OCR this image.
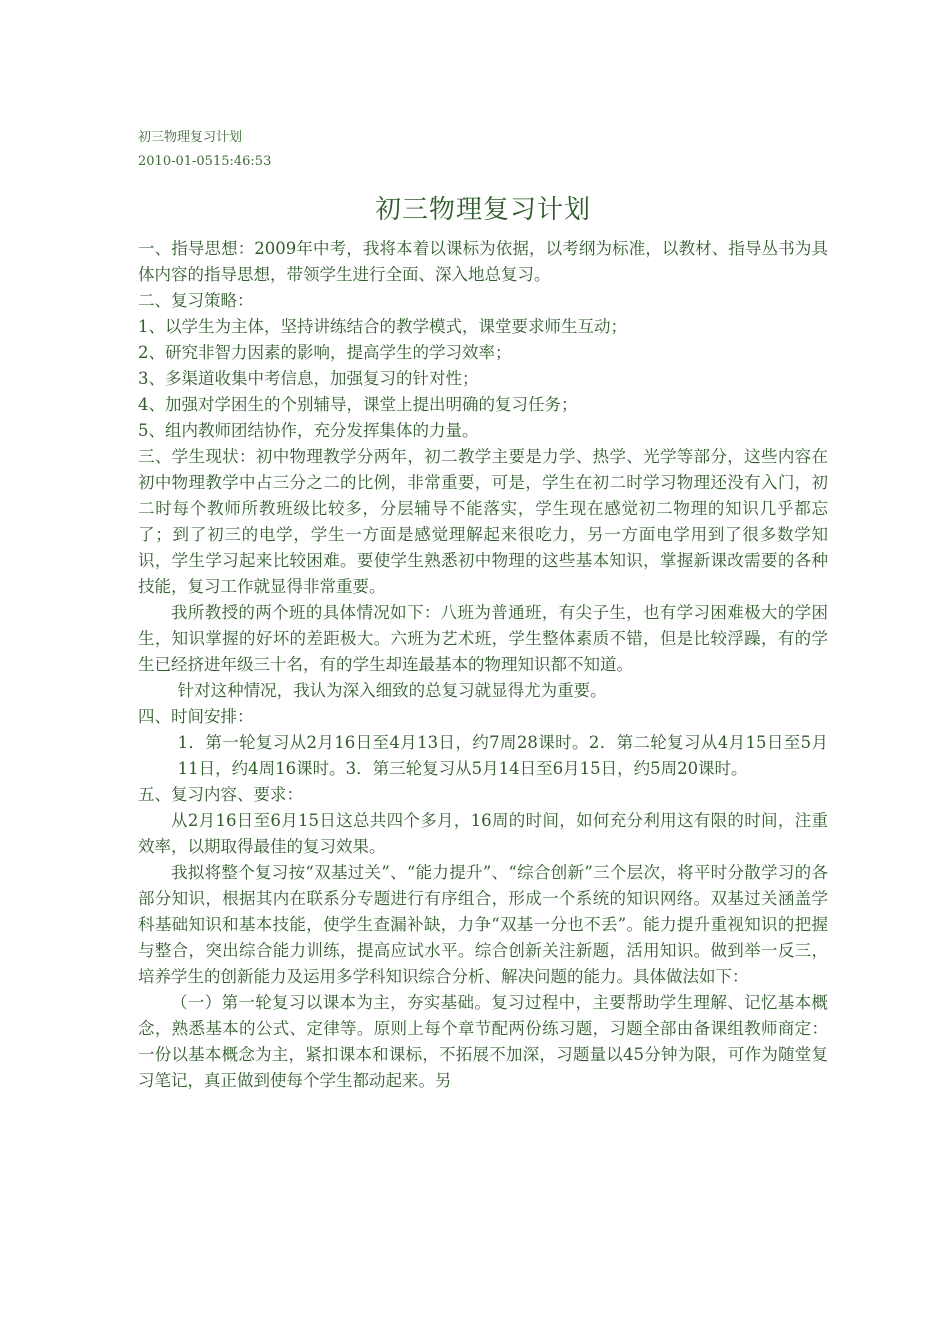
初三物理复习计划
2010-01-0515:46:53
初三物理复习计划

一、指导思想：2009年中考，我将本着以课标为依据，以考纲为标准，以教材、指导丛书为具体内容的指导思想，带领学生进行全面、深入地总复习。

二、复习策略：

1、以学生为主体，坚持讲练结合的教学模式，课堂要求师生互动；

2、研究非智力因素的影响，提高学生的学习效率；

3、多渠道收集中考信息，加强复习的针对性；

4、加强对学困生的个别辅导，课堂上提出明确的复习任务；

5、组内教师团结协作，充分发挥集体的力量。

三、学生现状：初中物理教学分两年，初二教学主要是力学、热学、光学等部分，这些内容在初中物理教学中占三分之二的比例，非常重要，可是，学生在初二时学习物理还没有入门，初二时每个教师所教班级比较多，分层辅导不能落实，学生现在感觉初二物理的知识几乎都忘了；到了初三的电学，学生一方面是感觉理解起来很吃力，另一方面电学用到了很多数学知识，学生学习起来比较困难。要使学生熟悉初中物理的这些基本知识，掌握新课改需要的各种技能，复习工作就显得非常重要。

我所教授的两个班的具体情况如下：八班为普通班，有尖子生，也有学习困难极大的学困生，知识掌握的好坏的差距极大。六班为艺术班，学生整体素质不错，但是比较浮躁，有的学生已经挤进年级三十名，有的学生却连最基本的物理知识都不知道。

针对这种情况，我认为深入细致的总复习就显得尤为重要。

四、时间安排：

1．第一轮复习从2月16日至4月13日，约7周28课时。2．第二轮复习从4月15日至5月11日，约4周16课时。3．第三轮复习从5月14日至6月15日，约5周20课时。

五、复习内容、要求：

从2月16日至6月15日这总共四个多月，16周的时间，如何充分利用这有限的时间，注重效率，以期取得最佳的复习效果。

我拟将整个复习按“双基过关”、“能力提升”、“综合创新”三个层次，将平时分散学习的各部分知识，根据其内在联系分专题进行有序组合，形成一个系统的知识网络。双基过关涵盖学科基础知识和基本技能，使学生查漏补缺，力争“双基一分也不丢”。能力提升重视知识的把握与整合，突出综合能力训练，提高应试水平。综合创新关注新题，活用知识。做到举一反三，培养学生的创新能力及运用多学科知识综合分析、解决问题的能力。具体做法如下：

（一）第一轮复习以课本为主，夯实基础。复习过程中，主要帮助学生理解、记忆基本概念，熟悉基本的公式、定律等。原则上每个章节配两份练习题，习题全部由备课组教师商定：一份以基本概念为主，紧扣课本和课标，不拓展不加深，习题量以45分钟为限，可作为随堂复习笔记，真正做到使每个学生都动起来。另
